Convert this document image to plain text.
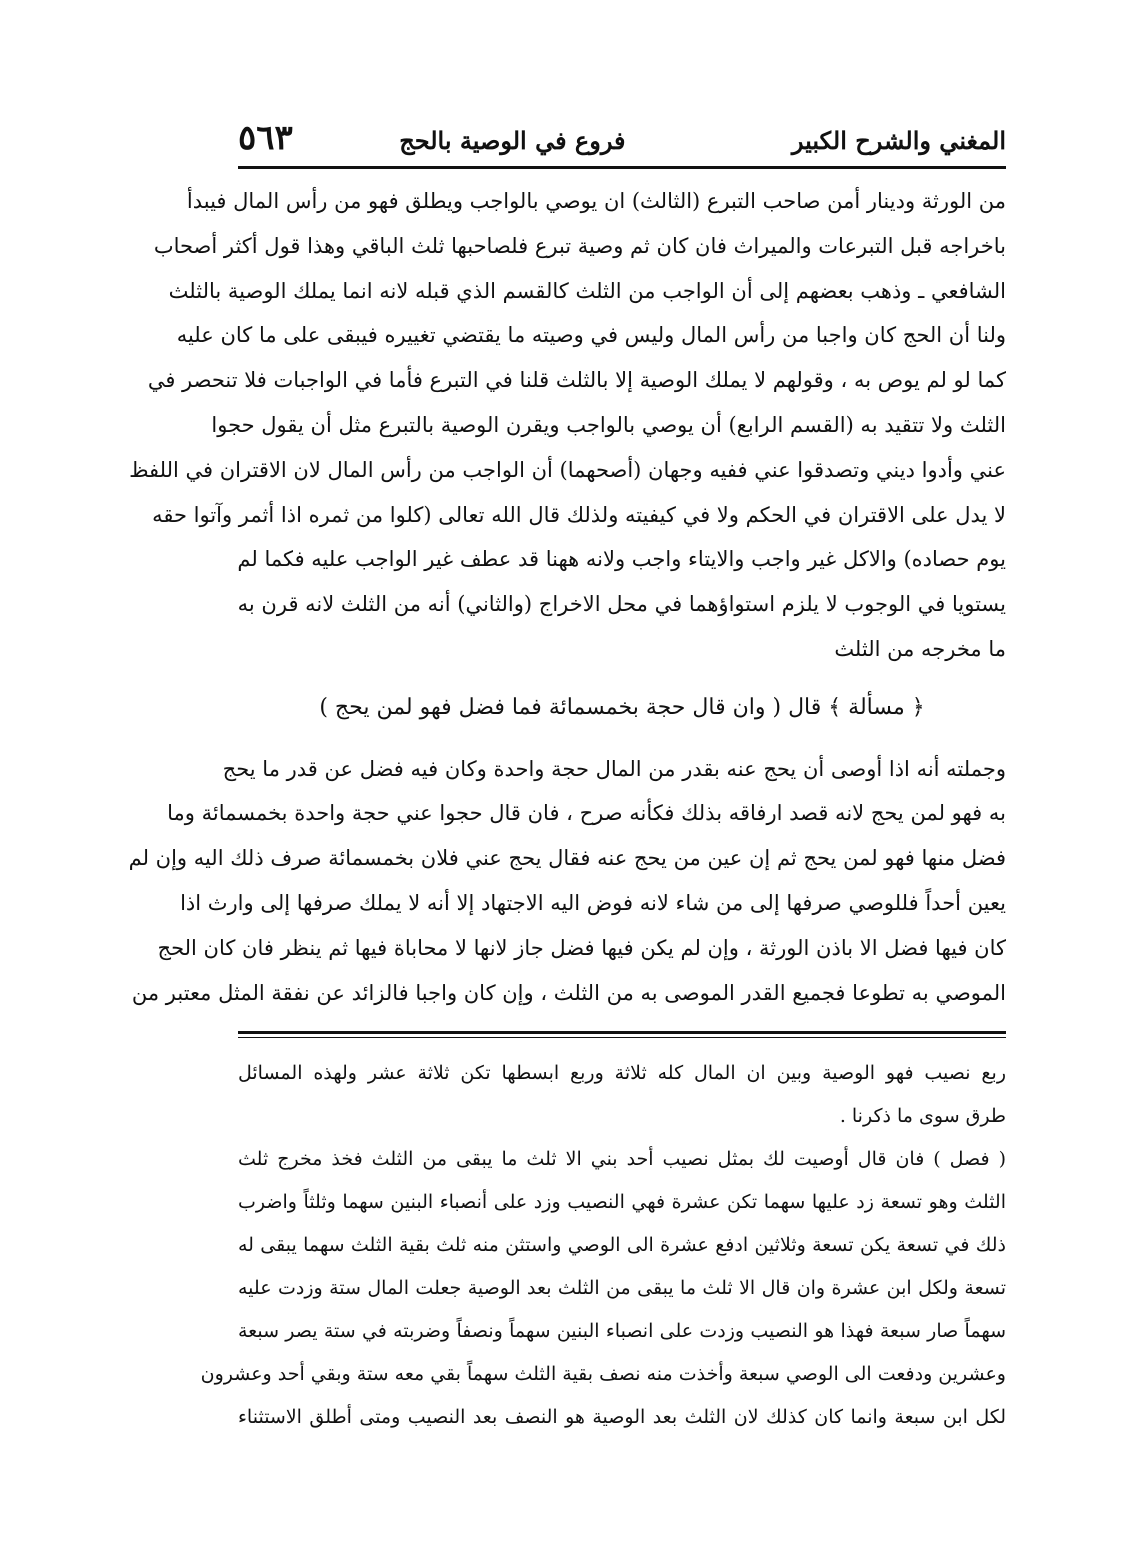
المغني والشرح الكبير
فروع في الوصية بالحج
٥٦٣
من الورثة ودينار أمن صاحب التبرع (الثالث) ان يوصي بالواجب ويطلق فهو من رأس المال فيبدأ
باخراجه قبل التبرعات والميراث فان كان ثم وصية تبرع فلصاحبها ثلث الباقي وهذا قول أكثر أصحاب
الشافعي ـ وذهب بعضهم إلى أن الواجب من الثلث كالقسم الذي قبله لانه انما يملك الوصية بالثلث
ولنا أن الحج كان واجبا من رأس المال وليس في وصيته ما يقتضي تغييره فيبقى على ما كان عليه
كما لو لم يوص به ، وقولهم لا يملك الوصية إلا بالثلث قلنا في التبرع فأما في الواجبات فلا تنحصر في
الثلث ولا تتقيد به (القسم الرابع) أن يوصي بالواجب ويقرن الوصية بالتبرع مثل أن يقول حجوا
عني وأدوا ديني وتصدقوا عني ففيه وجهان (أصحهما) أن الواجب من رأس المال لان الاقتران في اللفظ
لا يدل على الاقتران في الحكم ولا في كيفيته ولذلك قال الله تعالى (كلوا من ثمره اذا أثمر وآتوا حقه
يوم حصاده) والاكل غير واجب والايتاء واجب ولانه ههنا قد عطف غير الواجب عليه فكما لم
يستويا في الوجوب لا يلزم استواؤهما في محل الاخراج (والثاني) أنه من الثلث لانه قرن به
ما مخرجه من الثلث
﴿ مسألة ﴾ قال ( وان قال حجة بخمسمائة فما فضل فهو لمن يحج )
وجملته أنه اذا أوصى أن يحج عنه بقدر من المال حجة واحدة وكان فيه فضل عن قدر ما يحج
به فهو لمن يحج لانه قصد ارفاقه بذلك فكأنه صرح ، فان قال حجوا عني حجة واحدة بخمسمائة وما
فضل منها فهو لمن يحج ثم إن عين من يحج عنه فقال يحج عني فلان بخمسمائة صرف ذلك اليه وإن لم
يعين أحداً فللوصي صرفها إلى من شاء لانه فوض اليه الاجتهاد إلا أنه لا يملك صرفها إلى وارث اذا
كان فيها فضل الا باذن الورثة ، وإن لم يكن فيها فضل جاز لانها لا محاباة فيها ثم ينظر فان كان الحج
الموصي به تطوعا فجميع القدر الموصى به من الثلث ، وإن كان واجبا فالزائد عن نفقة المثل معتبر من
ربع نصيب فهو الوصية وبين ان المال كله ثلاثة وربع ابسطها تكن ثلاثة عشر ولهذه المسائل
طرق سوى ما ذكرنا .
( فصل ) فان قال أوصيت لك بمثل نصيب أحد بني الا ثلث ما يبقى من الثلث فخذ مخرج ثلث
الثلث وهو تسعة زد عليها سهما تكن عشرة فهي النصيب وزد على أنصباء البنين سهما وثلثاً واضرب
ذلك في تسعة يكن تسعة وثلاثين ادفع عشرة الى الوصي واستثن منه ثلث بقية الثلث سهما يبقى له
تسعة ولكل ابن عشرة وان قال الا ثلث ما يبقى من الثلث بعد الوصية جعلت المال ستة وزدت عليه
سهماً صار سبعة فهذا هو النصيب وزدت على انصباء البنين سهماً ونصفاً وضربته في ستة يصر سبعة
وعشرين ودفعت الى الوصي سبعة وأخذت منه نصف بقية الثلث سهماً بقي معه ستة وبقي أحد وعشرون
لكل ابن سبعة وانما كان كذلك لان الثلث بعد الوصية هو النصف بعد النصيب ومتى أطلق الاستثناء
